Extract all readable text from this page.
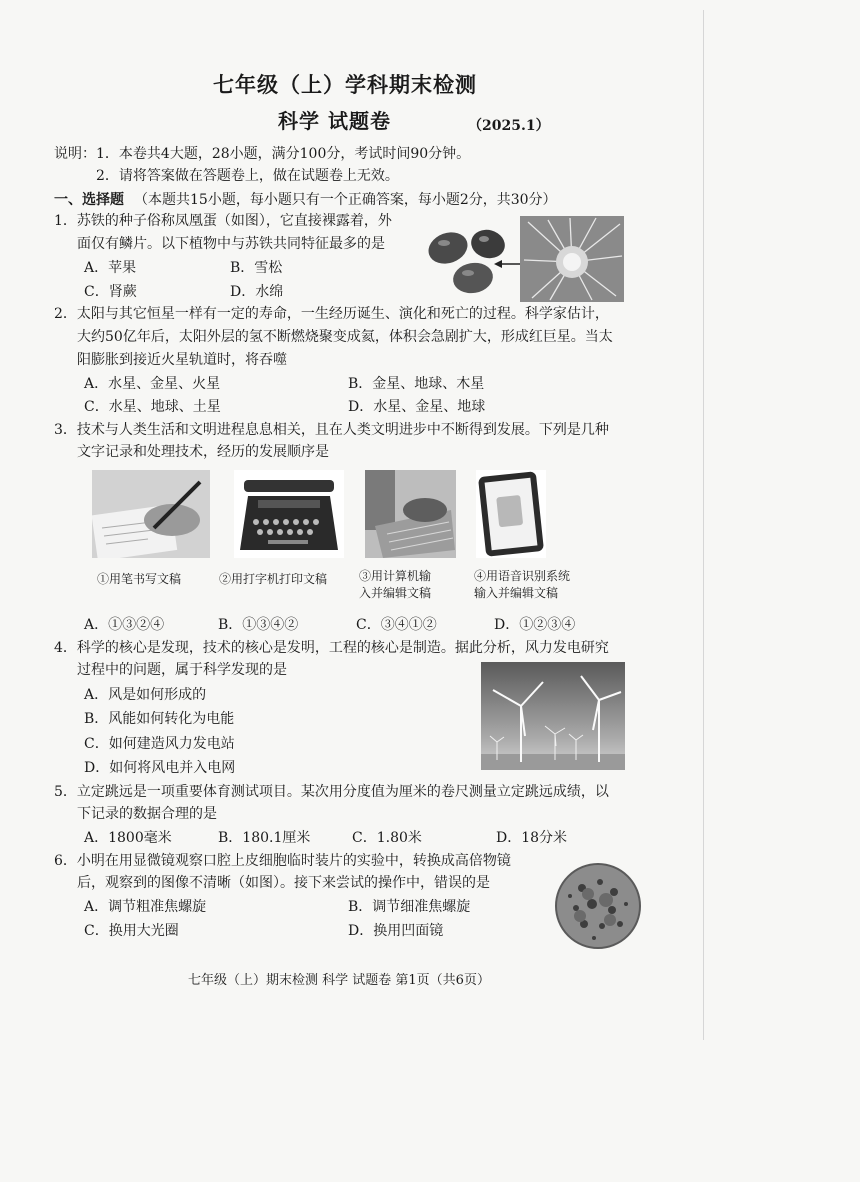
七年级（上）学科期末检测
科学 试题卷	（2025.1）
说明：1．本卷共4大题，28小题，满分100分，考试时间90分钟。
2．请将答案做在答题卷上，做在试题卷上无效。
一、选择题 （本题共15小题，每小题只有一个正确答案，每小题2分，共30分）
1．苏铁的种子俗称凤凰蛋（如图），它直接裸露着，外
面仅有鳞片。以下植物中与苏铁共同特征最多的是
A．苹果	B．雪松
C．肾蕨	D．水绵
2．太阳与其它恒星一样有一定的寿命，一生经历诞生、演化和死亡的过程。科学家估计，
大约50亿年后，太阳外层的氢不断燃烧聚变成氦，体积会急剧扩大，形成红巨星。当太
阳膨胀到接近火星轨道时，将吞噬
A．水星、金星、火星	B．金星、地球、木星
C．水星、地球、土星	D．水星、金星、地球
3．技术与人类生活和文明进程息息相关，且在人类文明进步中不断得到发展。下列是几种
文字记录和处理技术，经历的发展顺序是
①用笔书写文稿	②用打字机打印文稿	③用计算机输
入并编辑文稿
④用语音识别系统
输入并编辑文稿
A．①③②④	B．①③④②	C．③④①②	D．①②③④
4．科学的核心是发现，技术的核心是发明，工程的核心是制造。据此分析，风力发电研究
过程中的问题，属于科学发现的是
A．风是如何形成的
B．风能如何转化为电能
C．如何建造风力发电站
D．如何将风电并入电网
5．立定跳远是一项重要体育测试项目。某次用分度值为厘米的卷尺测量立定跳远成绩，以
下记录的数据合理的是
A．1800毫米	B．180.1厘米	C．1.80米	D．18分米
6．小明在用显微镜观察口腔上皮细胞临时装片的实验中，转换成高倍物镜
后，观察到的图像不清晰（如图）。接下来尝试的操作中，错误的是
A．调节粗准焦螺旋	B．调节细准焦螺旋
C．换用大光圈	D．换用凹面镜
七年级（上）期末检测 科学 试题卷 第1页（共6页）
